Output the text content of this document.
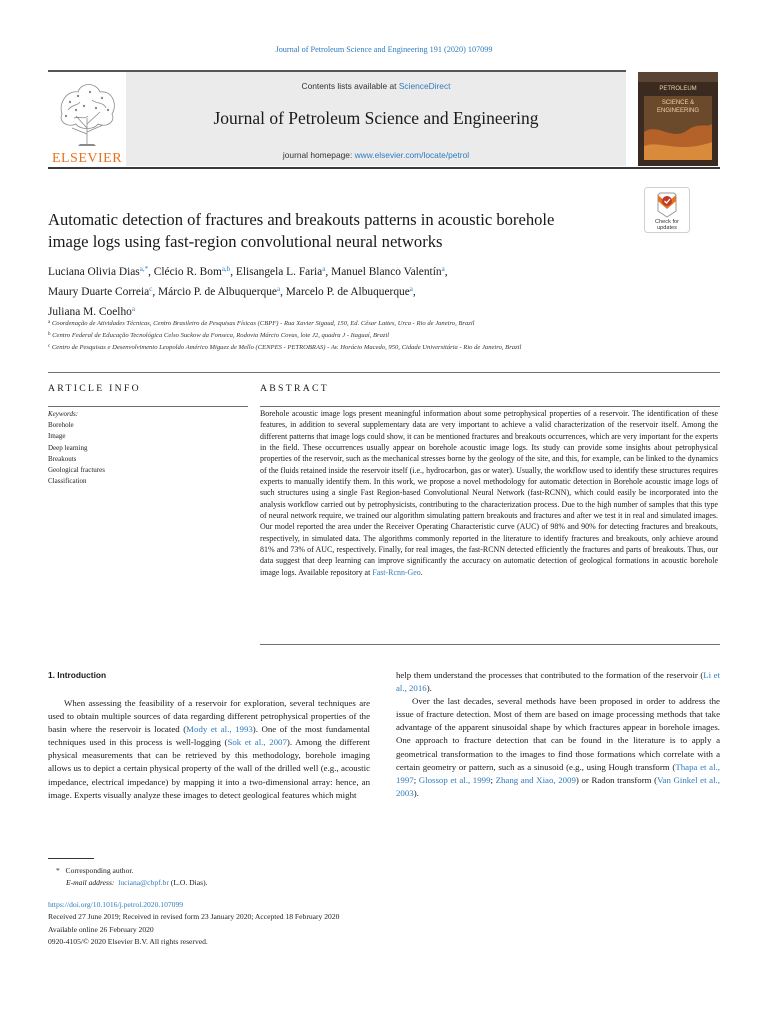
Journal of Petroleum Science and Engineering 191 (2020) 107099
ELSEVIER
Contents lists available at ScienceDirect
Journal of Petroleum Science and Engineering
journal homepage: www.elsevier.com/locate/petrol
PETROLEUM
SCIENCE &
ENGINEERING
Automatic detection of fractures and breakouts patterns in acoustic borehole
image logs using fast-region convolutional neural networks
Check for
updates
Luciana Olivia Dias$^{a,*}$, Clécio R. Bom$^{a,b}$, Elisangela L. Faria$^a$, Manuel Blanco Valentín$^a$,
Maury Duarte Correia$^c$, Márcio P. de Albuquerque$^a$, Marcelo P. de Albuquerque$^a$,
Juliana M. Coelho$^a$
$^a$ Coordenação de Atividades Técnicas, Centro Brasileiro de Pesquisas Físicas (CBPF) - Rua Xavier Sigaud, 150, Ed. César Lattes, Urca - Rio de Janeiro, Brazil
$^b$ Centro Federal de Educação Tecnológica Celso Suckow da Fonseca, Rodovia Márcio Covas, lote J2, quadra J - Itaguaí, Brazil
$^c$ Centro de Pesquisas e Desenvolvimento Leopoldo Américo Miguez de Mello (CENPES - PETROBRAS) - Av. Horácio Macedo, 950, Cidade Universitária - Rio de Janeiro, Brazil
ARTICLE INFO	ABSTRACT
Keywords:
Borehole
Image
Deep learning
Breakouts
Geological fractures
Classification
Borehole acoustic image logs present meaningful information about some petrophysical properties of a reservoir. The identification of these features, in addition to several supplementary data are very important to achieve a valid characterization of the reservoir itself. Among the different patterns that image logs could show, it can be mentioned fractures and breakouts occurrences, which are very important for the experts in the field. These occurrences usually appear on borehole acoustic image logs. Its study can provide some insights about petrophysical properties of the reservoir, such as the mechanical stresses borne by the geology of the site, and this, for example, can be linked to the dynamics of the fluids retained inside the reservoir itself (i.e., hydrocarbon, gas or water). Usually, the workflow used to identify these structures requires experts to manually identify them. In this work, we propose a novel methodology for automatic detection in Borehole acoustic image logs of such structures using a single Fast Region-based Convolutional Neural Network (fast-RCNN), which could easily be incorporated into the analysis workflow carried out by petrophysicists, contributing to the characterization process. Due to the high number of samples that this type of neural network require, we trained our algorithm simulating pattern breakouts and fractures and after we test it in real and simulated images. Our model reported the area under the Receiver Operating Characteristic curve (AUC) of 98% and 90% for detecting fractures and breakouts, respectively, in simulated data. The algorithms commonly reported in the literature to identify fractures and breakouts, only achieve around 81% and 73% of AUC, respectively. Finally, for real images, the fast-RCNN detected efficiently the fractures and parts of breakouts. Thus, our data suggest that deep learning can improve significantly the accuracy on automatic detection of geological formations in acoustic borehole image logs. Available repository at Fast-Rcnn-Geo.
1. Introduction

When assessing the feasibility of a reservoir for exploration, several techniques are used to obtain multiple sources of data regarding different petrophysical properties of the basin where the reservoir is located (Mody et al., 1993). One of the most fundamental techniques used in this process is well-logging (Sok et al., 2007). Among the different physical measurements that can be retrieved by this methodology, borehole imaging allows us to depict a certain physical property of the wall of the drilled well (e.g., acoustic impedance, electrical impedance) by mapping it into a two-dimensional array: hence, an image. Experts visually analyze these images to detect geological features which might

help them understand the processes that contributed to the formation of the reservoir (Li et al., 2016).

Over the last decades, several methods have been proposed in order to address the issue of fracture detection. Most of them are based on image processing methods that take advantage of the apparent sinusoidal shape by which fractures appear in borehole images. One approach to fracture detection that can be found in the literature is to apply a geometrical transformation to the images to find those formations which correlate with a certain geometry or pattern, such as a sinusoid (e.g., using Hough transform (Thapa et al., 1997; Glossop et al., 1999; Zhang and Xiao, 2009) or Radon transform (Van Ginkel et al., 2003).

* Corresponding author.
E-mail address: luciana@cbpf.br (L.O. Dias).
https://doi.org/10.1016/j.petrol.2020.107099
Received 27 June 2019; Received in revised form 23 January 2020; Accepted 18 February 2020
Available online 26 February 2020
0920-4105/© 2020 Elsevier B.V. All rights reserved.
